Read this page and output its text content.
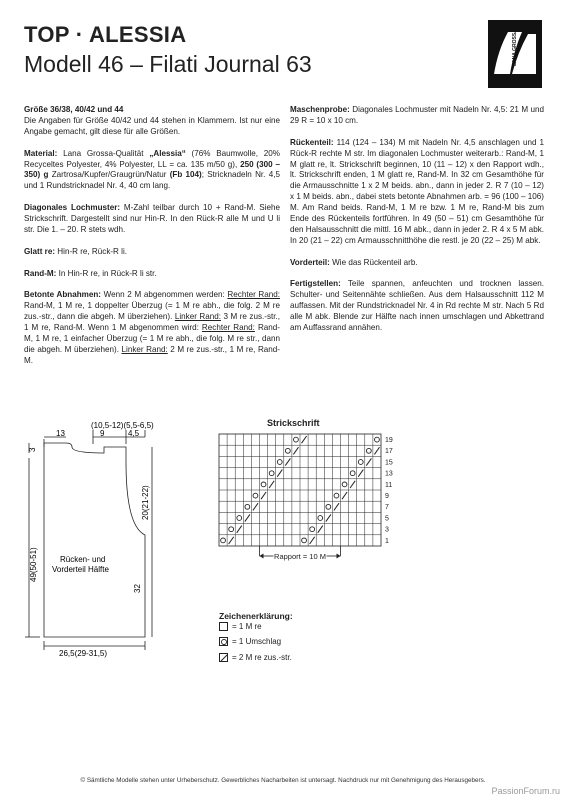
TOP · ALESSIA
Modell 46 – Filati Journal 63	LANA GROSSA

Größe 36/38, 40/42 und 44
Die Angaben für Größe 40/42 und 44 stehen in Klammern. Ist nur eine Angabe gemacht, gilt diese für alle Größen.

Material: Lana Grossa-Qualität „Alessia“ (76% Baumwolle, 20% Recyceltes Polyester, 4% Polyester, LL = ca. 135 m/50 g), 250 (300 – 350) g Zartrosa/Kupfer/Graugrün/Natur (Fb 104); Stricknadeln Nr. 4,5 und 1 Rundstricknadel Nr. 4, 40 cm lang.

Diagonales Lochmuster: M-Zahl teilbar durch 10 + Rand-M. Siehe Strickschrift. Dargestellt sind nur Hin-R. In den Rück-R alle M und U li str. Die 1. – 20. R stets wdh.

Glatt re: Hin-R re, Rück-R li.

Rand-M: In Hin-R re, in Rück-R li str.

Betonte Abnahmen: Wenn 2 M abgenommen werden: Rechter Rand: Rand-M, 1 M re, 1 doppelter Überzug (= 1 M re abh., die folg. 2 M re zus.-str., dann die abgeh. M überziehen). Linker Rand: 3 M re zus.-str., 1 M re, Rand-M. Wenn 1 M abgenommen wird: Rechter Rand: Rand-M, 1 M re, 1 einfacher Überzug (= 1 M re abh., die folg. M re str., dann die abgeh. M überziehen). Linker Rand: 2 M re zus.-str., 1 M re, Rand-M.

Maschenprobe: Diagonales Lochmuster mit Nadeln Nr. 4,5: 21 M und 29 R = 10 x 10 cm.

Rückenteil: 114 (124 – 134) M mit Nadeln Nr. 4,5 anschlagen und 1 Rück-R rechte M str. Im diagonalen Lochmuster weiterarb.: Rand-M, 1 M glatt re, lt. Strickschrift beginnen, 10 (11 – 12) x den Rapport wdh., lt. Strickschrift enden, 1 M glatt re, Rand-M. In 32 cm Gesamthöhe für die Armausschnitte 1 x 2 M beids. abn., dann in jeder 2. R 7 (10 – 12) x 1 M beids. abn., dabei stets betonte Abnahmen arb. = 96 (100 – 106) M. Am Rand beids. Rand-M, 1 M re bzw. 1 M re, Rand-M bis zum Ende des Rückenteils fortführen. In 49 (50 – 51) cm Gesamthöhe für den Halsausschnitt die mittl. 16 M abk., dann in jeder 2. R 4 x 5 M abk. In 20 (21 – 22) cm Armausschnitthöhe die restl. je 20 (22 – 25) M abk.

Vorderteil: Wie das Rückenteil arb.

Fertigstellen: Teile spannen, anfeuchten und trocknen lassen. Schulter- und Seitennähte schließen. Aus dem Halsausschnitt 112 M auffassen. Mit der Rundstricknadel Nr. 4 in Rd rechte M str. Nach 5 Rd alle M abk. Blende zur Hälfte nach innen umschlagen und Abkettrand am Auffassrand annähen.

(10,5-12)(5,5-6,5)
13	9	4,5
3
20(21-22)
49(50-51)
32
Rücken- und
Vorderteil Hälfte
26,5(29-31,5)
Strickschrift
19
17
15
13
11
9
7
5
3
1
Rapport = 10 M
Zeichenerklärung:
= 1 M re
= 1 Umschlag
= 2 M re zus.-str.
© Sämtliche Modelle stehen unter Urheberschutz. Gewerbliches Nacharbeiten ist untersagt. Nachdruck nur mit Genehmigung des Herausgebers.
PassionForum.ru
